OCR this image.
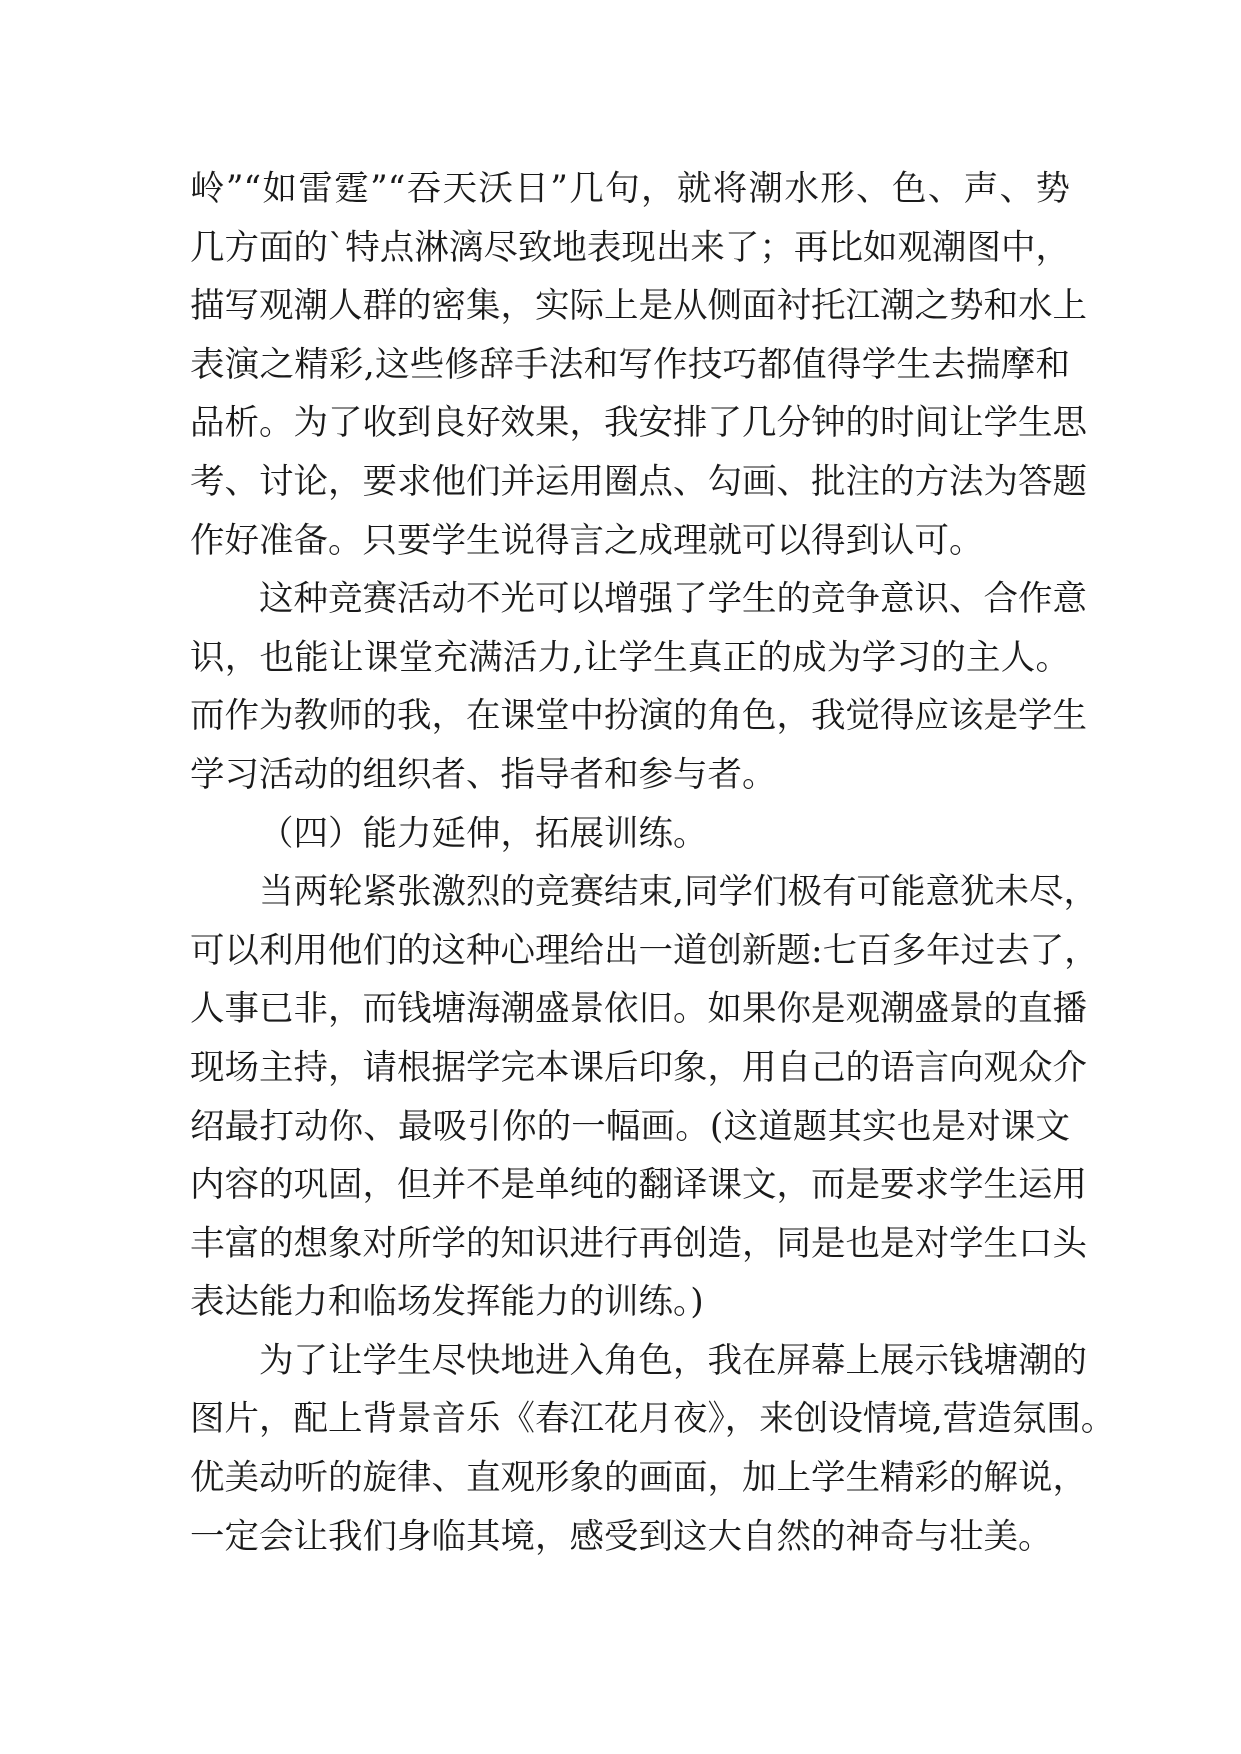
岭”“如雷霆”“吞天沃日”几句，就将潮水形、色、声、势
几方面的`特点淋漓尽致地表现出来了；再比如观潮图中，
描写观潮人群的密集，实际上是从侧面衬托江潮之势和水上
表演之精彩,这些修辞手法和写作技巧都值得学生去揣摩和
品析。为了收到良好效果，我安排了几分钟的时间让学生思
考、讨论，要求他们并运用圈点、勾画、批注的方法为答题
作好准备。只要学生说得言之成理就可以得到认可。
这种竞赛活动不光可以增强了学生的竞争意识、合作意
识，也能让课堂充满活力,让学生真正的成为学习的主人。
而作为教师的我，在课堂中扮演的角色，我觉得应该是学生
学习活动的组织者、指导者和参与者。
（四）能力延伸，拓展训练。
当两轮紧张激烈的竞赛结束,同学们极有可能意犹未尽，
可以利用他们的这种心理给出一道创新题:七百多年过去了，
人事已非，而钱塘海潮盛景依旧。如果你是观潮盛景的直播
现场主持，请根据学完本课后印象，用自己的语言向观众介
绍最打动你、最吸引你的一幅画。(这道题其实也是对课文
内容的巩固，但并不是单纯的翻译课文，而是要求学生运用
丰富的想象对所学的知识进行再创造，同是也是对学生口头
表达能力和临场发挥能力的训练。)
为了让学生尽快地进入角色，我在屏幕上展示钱塘潮的
图片，配上背景音乐《春江花月夜》，来创设情境,营造氛围。
优美动听的旋律、直观形象的画面，加上学生精彩的解说，
一定会让我们身临其境，感受到这大自然的神奇与壮美。
